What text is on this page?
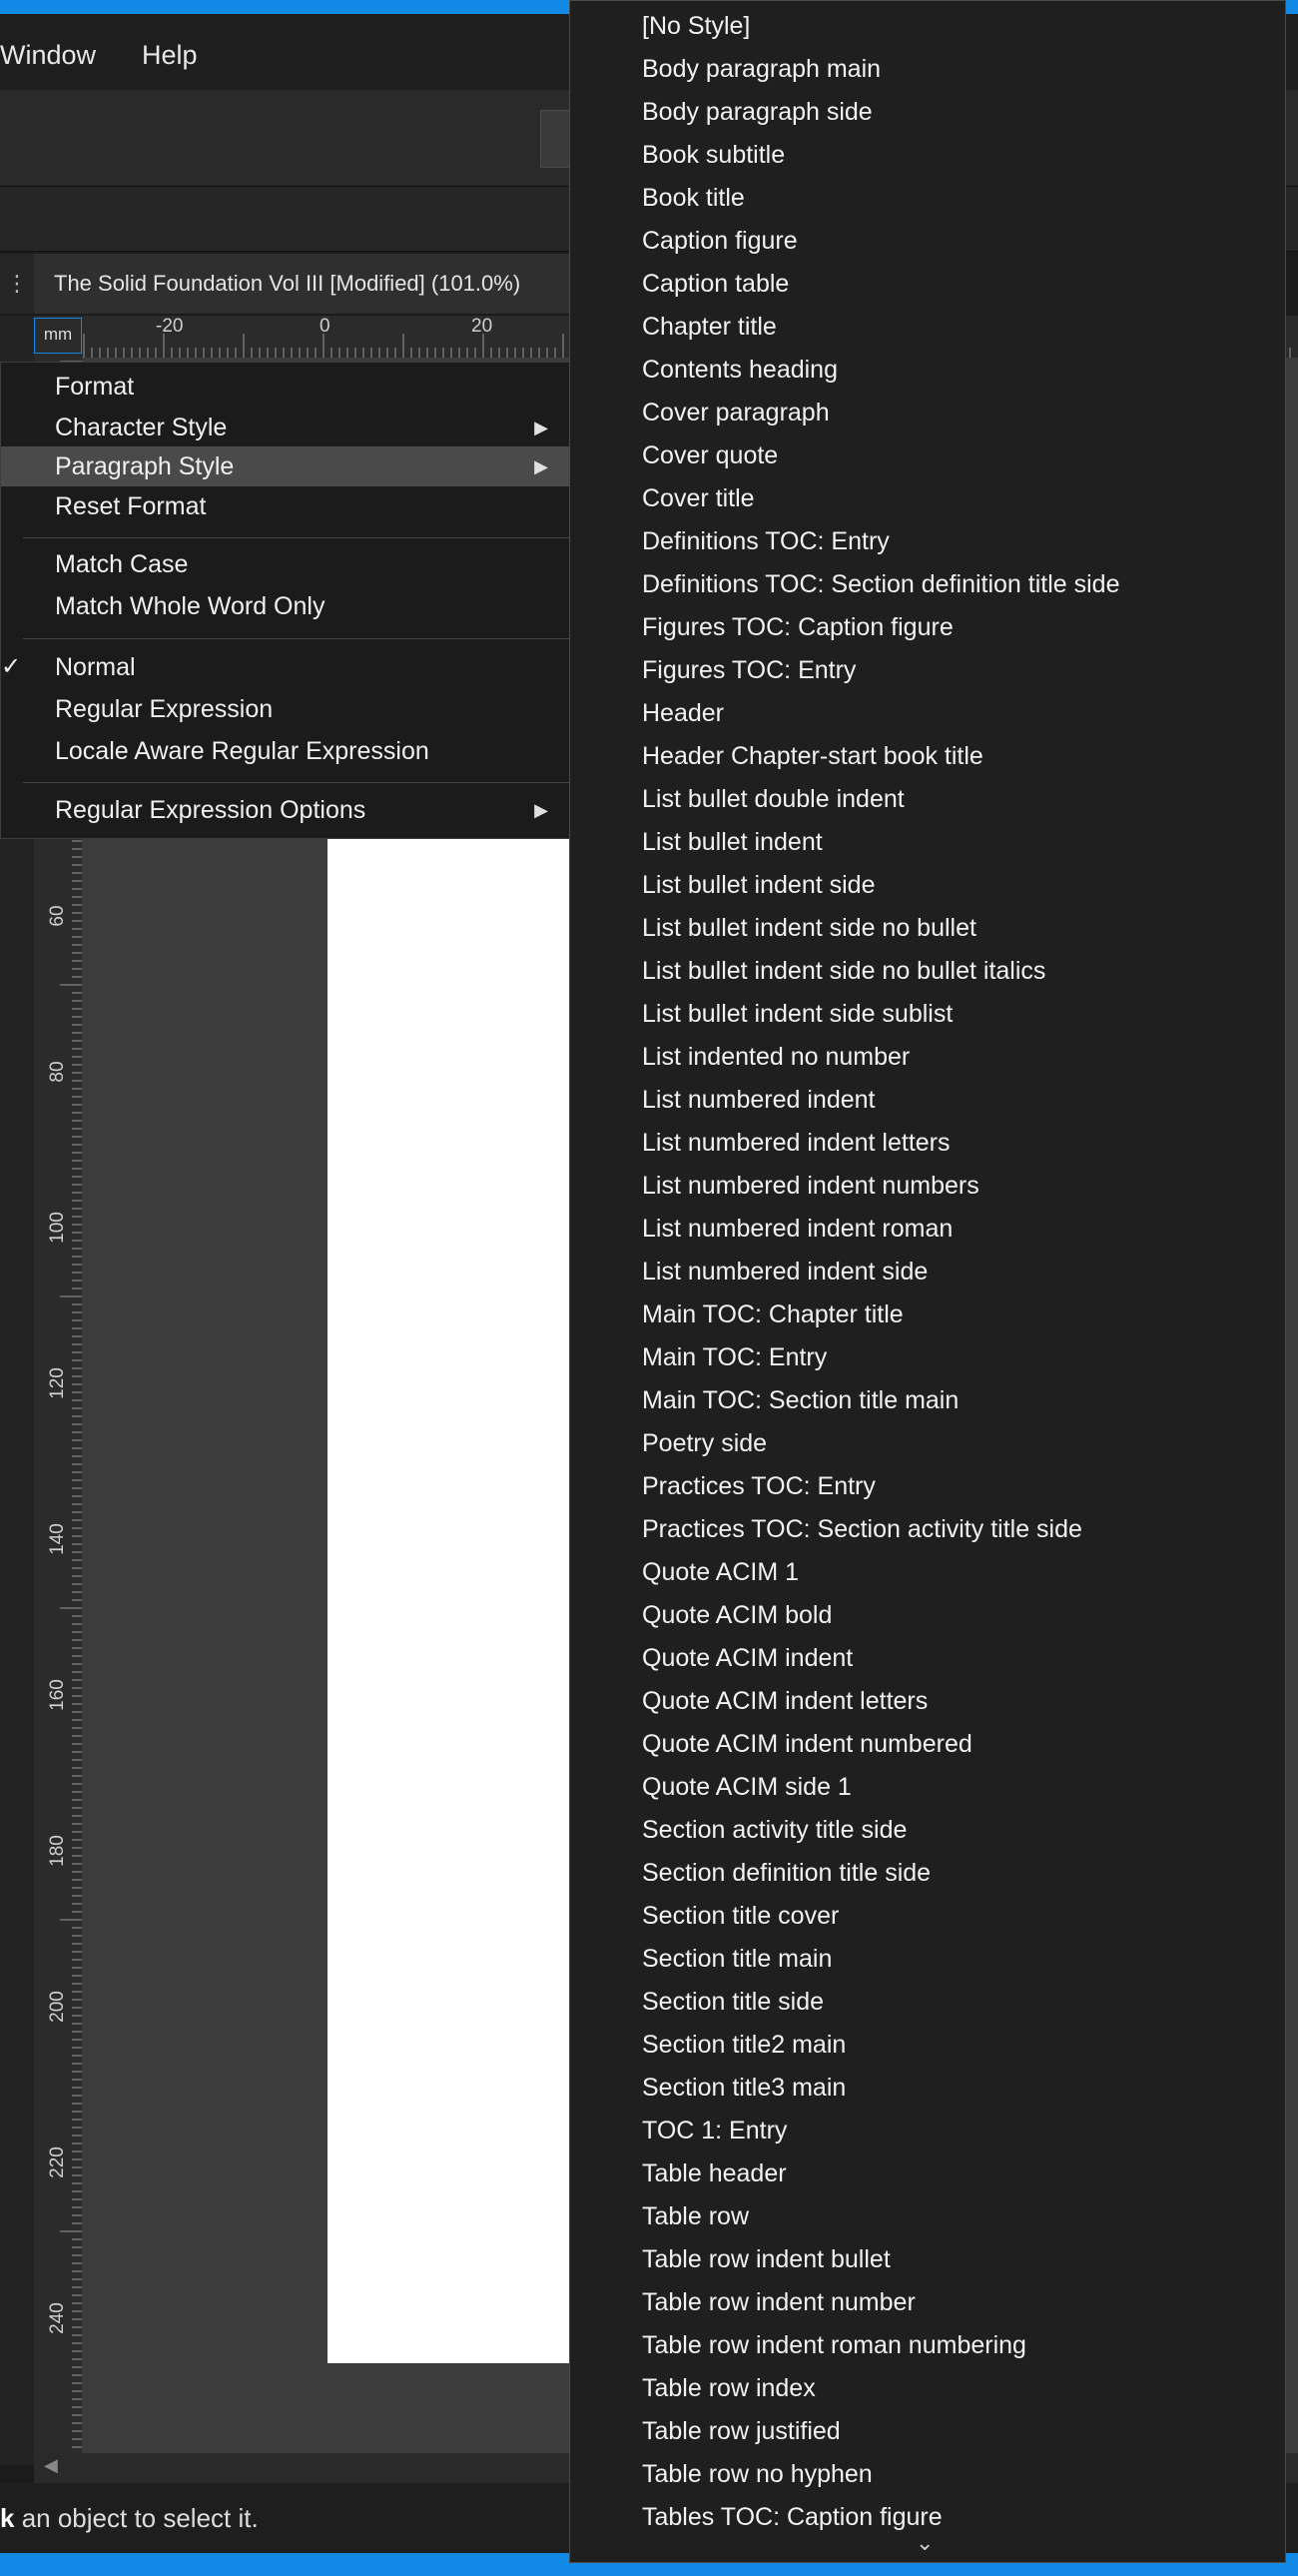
Window Help
⋮	The Solid Foundation Vol III [Modified] (101.0%)
-20	0	20
mm
60
80
100
120
140
160
180
200
220
240
◀
k an object to select it.
Format
Character Style	▶
Paragraph Style	▶
Reset Format
Match Case
Match Whole Word Only
✓ Normal
Regular Expression
Locale Aware Regular Expression
Regular Expression Options	▶
[No Style]
Body paragraph main
Body paragraph side
Book subtitle
Book title
Caption figure
Caption table
Chapter title
Contents heading
Cover paragraph
Cover quote
Cover title
Definitions TOC: Entry
Definitions TOC: Section definition title side
Figures TOC: Caption figure
Figures TOC: Entry
Header
Header Chapter-start book title
List bullet double indent
List bullet indent
List bullet indent side
List bullet indent side no bullet
List bullet indent side no bullet italics
List bullet indent side sublist
List indented no number
List numbered indent
List numbered indent letters
List numbered indent numbers
List numbered indent roman
List numbered indent side
Main TOC: Chapter title
Main TOC: Entry
Main TOC: Section title main
Poetry side
Practices TOC: Entry
Practices TOC: Section activity title side
Quote ACIM 1
Quote ACIM bold
Quote ACIM indent
Quote ACIM indent letters
Quote ACIM indent numbered
Quote ACIM side 1
Section activity title side
Section definition title side
Section title cover
Section title main
Section title side
Section title2 main
Section title3 main
TOC 1: Entry
Table header
Table row
Table row indent bullet
Table row indent number
Table row indent roman numbering
Table row index
Table row justified
Table row no hyphen
Tables TOC: Caption figure
⌄
